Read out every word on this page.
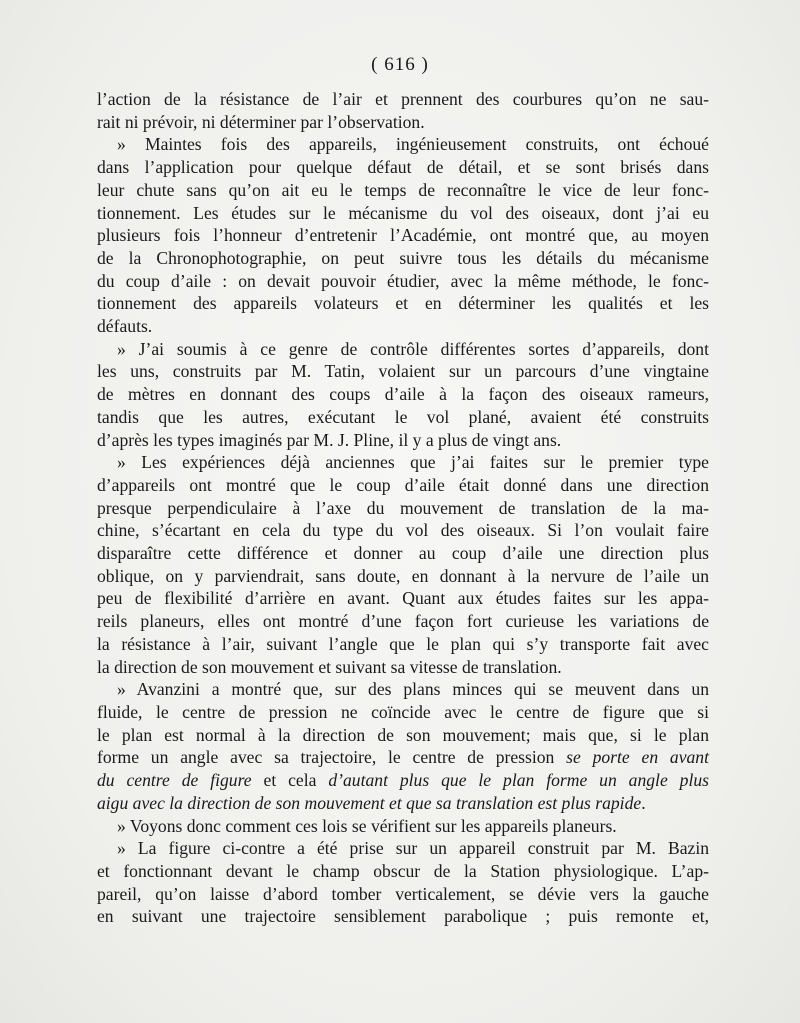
( 616 )

l’action de la résistance de l’air et prennent des courbures qu’on ne sau-
rait ni prévoir, ni déterminer par l’observation.

» Maintes fois des appareils, ingénieusement construits, ont échoué
dans l’application pour quelque défaut de détail, et se sont brisés dans
leur chute sans qu’on ait eu le temps de reconnaître le vice de leur fonc-
tionnement. Les études sur le mécanisme du vol des oiseaux, dont j’ai eu
plusieurs fois l’honneur d’entretenir l’Académie, ont montré que, au moyen
de la Chronophotographie, on peut suivre tous les détails du mécanisme
du coup d’aile : on devait pouvoir étudier, avec la même méthode, le fonc-
tionnement des appareils volateurs et en déterminer les qualités et les
défauts.

» J’ai soumis à ce genre de contrôle différentes sortes d’appareils, dont
les uns, construits par M. Tatin, volaient sur un parcours d’une vingtaine
de mètres en donnant des coups d’aile à la façon des oiseaux rameurs,
tandis que les autres, exécutant le vol plané, avaient été construits
d’après les types imaginés par M. J. Pline, il y a plus de vingt ans.

» Les expériences déjà anciennes que j’ai faites sur le premier type
d’appareils ont montré que le coup d’aile était donné dans une direction
presque perpendiculaire à l’axe du mouvement de translation de la ma-
chine, s’écartant en cela du type du vol des oiseaux. Si l’on voulait faire
disparaître cette différence et donner au coup d’aile une direction plus
oblique, on y parviendrait, sans doute, en donnant à la nervure de l’aile un
peu de flexibilité d’arrière en avant. Quant aux études faites sur les appa-
reils planeurs, elles ont montré d’une façon fort curieuse les variations de
la résistance à l’air, suivant l’angle que le plan qui s’y transporte fait avec
la direction de son mouvement et suivant sa vitesse de translation.

» Avanzini a montré que, sur des plans minces qui se meuvent dans un
fluide, le centre de pression ne coïncide avec le centre de figure que si
le plan est normal à la direction de son mouvement; mais que, si le plan
forme un angle avec sa trajectoire, le centre de pression se porte en avant
du centre de figure et cela d’autant plus que le plan forme un angle plus
aigu avec la direction de son mouvement et que sa translation est plus rapide.

» Voyons donc comment ces lois se vérifient sur les appareils planeurs.

» La figure ci-contre a été prise sur un appareil construit par M. Bazin
et fonctionnant devant le champ obscur de la Station physiologique. L’ap-
pareil, qu’on laisse d’abord tomber verticalement, se dévie vers la gauche
en suivant une trajectoire sensiblement parabolique ; puis remonte et,
